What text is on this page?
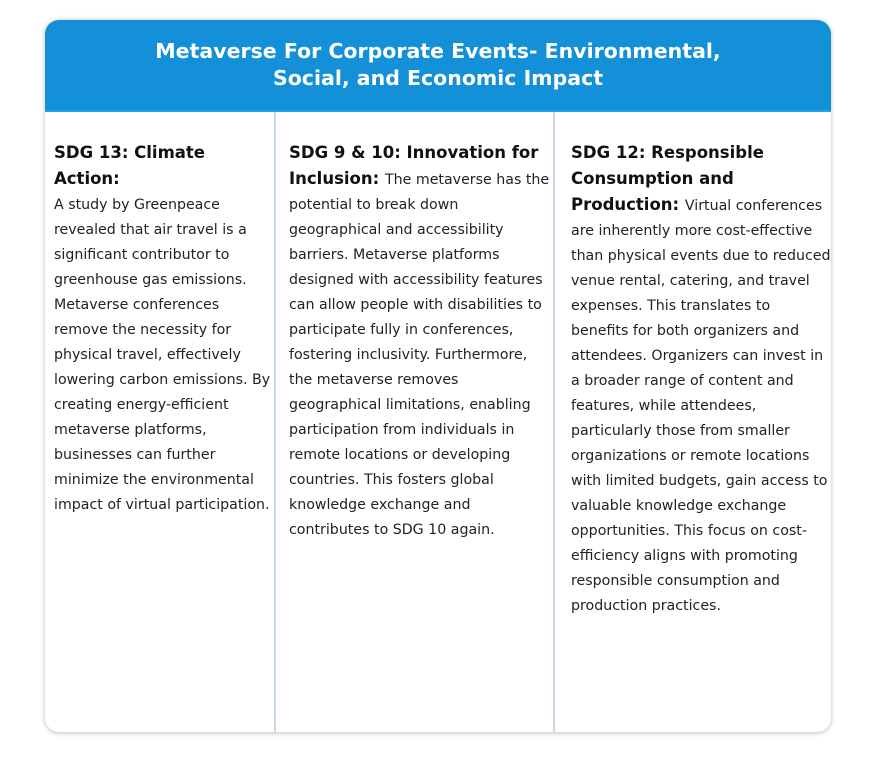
Metaverse For Corporate Events- Environmental, Social, and Economic Impact

SDG 13: Climate Action:
A study by Greenpeace revealed that air travel is a significant contributor to greenhouse gas emissions. Metaverse conferences remove the necessity for physical travel, effectively lowering carbon emissions. By creating energy-efficient metaverse platforms, businesses can further minimize the environmental impact of virtual participation.

SDG 9 & 10: Innovation for Inclusion: The metaverse has the potential to break down geographical and accessibility barriers. Metaverse platforms designed with accessibility features can allow people with disabilities to participate fully in conferences, fostering inclusivity. Furthermore, the metaverse removes geographical limitations, enabling participation from individuals in remote locations or developing countries. This fosters global knowledge exchange and contributes to SDG 10 again.

SDG 12: Responsible Consumption and Production: Virtual conferences are inherently more cost-effective than physical events due to reduced venue rental, catering, and travel expenses. This translates to benefits for both organizers and attendees. Organizers can invest in a broader range of content and features, while attendees, particularly those from smaller organizations or remote locations with limited budgets, gain access to valuable knowledge exchange opportunities. This focus on cost-efficiency aligns with promoting responsible consumption and production practices.
